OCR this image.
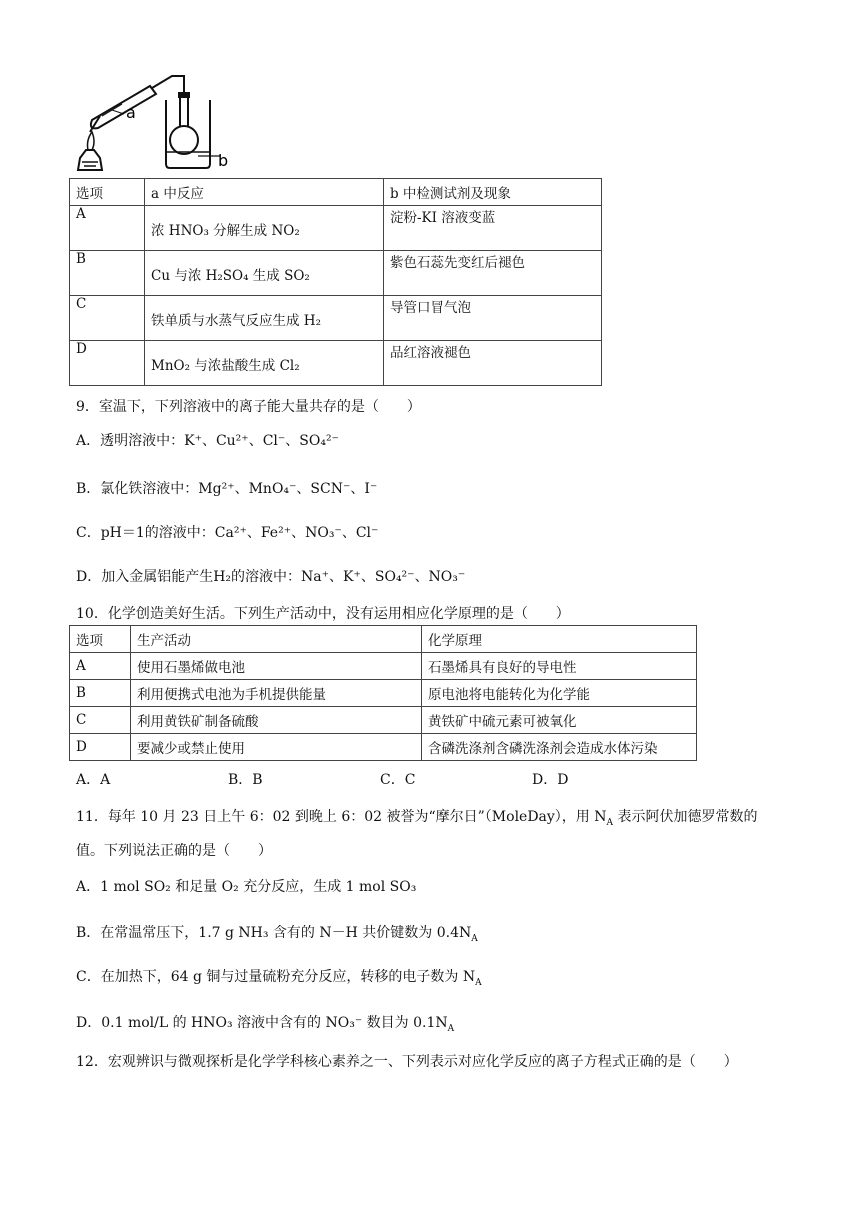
a
b
选项	a 中反应	b 中检测试剂及现象
A	浓 HNO₃ 分解生成 NO₂	淀粉-KI 溶液变蓝
B	Cu 与浓 H₂SO₄ 生成 SO₂	紫色石蕊先变红后褪色
C	铁单质与水蒸气反应生成 H₂	导管口冒气泡
D	MnO₂ 与浓盐酸生成 Cl₂	品红溶液褪色
9．室温下，下列溶液中的离子能大量共存的是（　　）
A．透明溶液中：K⁺、Cu²⁺、Cl⁻、SO₄²⁻
B．氯化铁溶液中：Mg²⁺、MnO₄⁻、SCN⁻、I⁻
C．pH＝1的溶液中：Ca²⁺、Fe²⁺、NO₃⁻、Cl⁻
D．加入金属铝能产生H₂的溶液中：Na⁺、K⁺、SO₄²⁻、NO₃⁻
10．化学创造美好生活。下列生产活动中，没有运用相应化学原理的是（　　）
选项	生产活动	化学原理
A	使用石墨烯做电池	石墨烯具有良好的导电性
B	利用便携式电池为手机提供能量	原电池将电能转化为化学能
C	利用黄铁矿制备硫酸	黄铁矿中硫元素可被氧化
D	要减少或禁止使用	含磷洗涤剂含磷洗涤剂会造成水体污染
A．A	B．B	C．C	D．D
11．每年 10 月 23 日上午 6：02 到晚上 6：02 被誉为“摩尔日”（MoleDay），用 $N_A$ 表示阿伏加德罗常数的
值。下列说法正确的是（　　）
A．1 mol SO₂ 和足量 O₂ 充分反应，生成 1 mol SO₃
B．在常温常压下，1.7 g NH₃ 含有的 N－H 共价键数为 $0.4N_A$
C．在加热下，64 g 铜与过量硫粉充分反应，转移的电子数为 $N_A$
D．0.1 mol/L 的 HNO₃ 溶液中含有的 NO₃⁻ 数目为 $0.1N_A$
12．宏观辨识与微观探析是化学学科核心素养之一、下列表示对应化学反应的离子方程式正确的是（　　）
